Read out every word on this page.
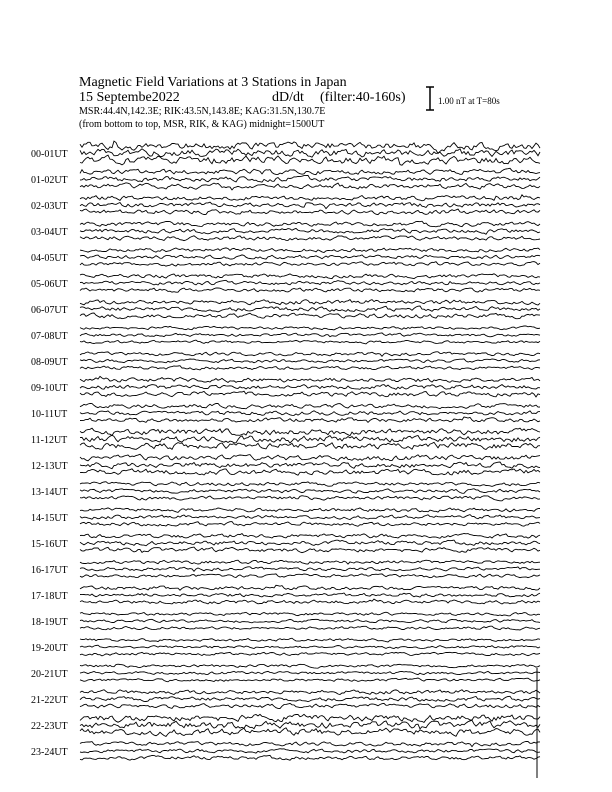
Magnetic Field Variations at 3 Stations in Japan
15 Septembe2022	dD/dt (filter:40-160s)
MSR:44.4N,142.3E; RIK:43.5N,143.8E; KAG:31.5N,130.7E
(from bottom to top, MSR, RIK, & KAG) midnight=1500UT
1.00 nT at T=80s
00-01UT
01-02UT
02-03UT
03-04UT
04-05UT
05-06UT
06-07UT
07-08UT
08-09UT
09-10UT
10-11UT
11-12UT
12-13UT
13-14UT
14-15UT
15-16UT
16-17UT
17-18UT
18-19UT
19-20UT
20-21UT
21-22UT
22-23UT
23-24UT
